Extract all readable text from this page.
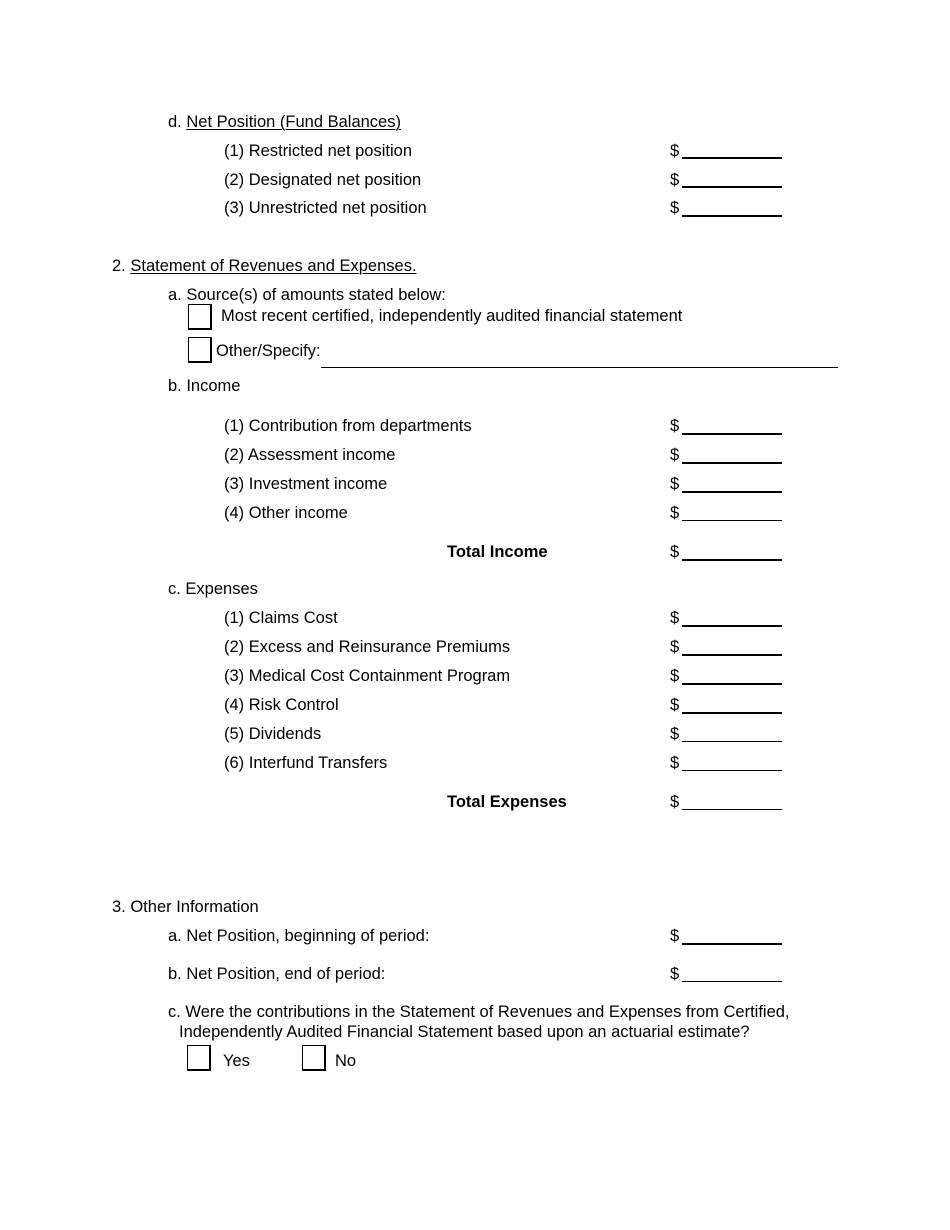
d. Net Position (Fund Balances)
(1) Restricted net position	$
(2) Designated net position	$
(3) Unrestricted net position	$
2. Statement of Revenues and Expenses.
a. Source(s) of amounts stated below:
Most recent certified, independently audited financial statement
Other/Specify:
b. Income
(1) Contribution from departments	$
(2) Assessment income	$
(3) Investment income	$
(4) Other income	$
Total Income	$
c. Expenses
(1) Claims Cost	$
(2) Excess and Reinsurance Premiums	$
(3) Medical Cost Containment Program	$
(4) Risk Control	$
(5) Dividends	$
(6) Interfund Transfers	$
Total Expenses	$
3. Other Information
a. Net Position, beginning of period:	$
b. Net Position, end of period:	$
c. Were the contributions in the Statement of Revenues and Expenses from Certified,
Independently Audited Financial Statement based upon an actuarial estimate?
Yes	No
